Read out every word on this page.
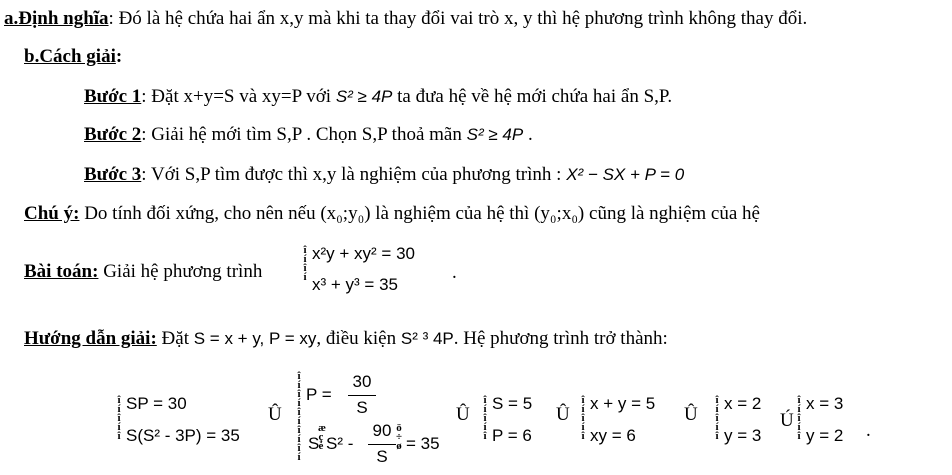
a.Định nghĩa: Đó là hệ chứa hai ẩn x,y mà khi ta thay đổi vai trò x, y thì hệ phương trình không thay đổi.
b.Cách giải:
Bước 1: Đặt x+y=S và xy=P với S² ≥ 4P ta đưa hệ về hệ mới chứa hai ẩn S,P.
Bước 2: Giải hệ mới tìm S,P . Chọn S,P thoả mãn S² ≥ 4P .
Bước 3: Với S,P tìm được thì x,y là nghiệm của phương trình : X² − SX + P = 0
Chú ý: Do tính đối xứng, cho nên nếu (x₀;y₀) là nghiệm của hệ thì (y₀;x₀) cũng là nghiệm của hệ
Bài toán: Giải hệ phương trình
î
í
î
í
x²y + xy² = 30
x³ + y³ = 35
.
Hướng dẫn giải: Đặt S = x + y, P = xy, điều kiện S² ³ 4P. Hệ phương trình trở thành:
î
í
î
í
î
SP = 30
S(S² - 3P) = 35
Û
î
í
î
í
î
í
î
í
î
í
P =
30
S
S
æ
ç
è S² -
90
S
ö
÷
ø = 35
Û
î
í
î
í
î
S = 5
P = 6
Û
î
í
î
í
î
x + y = 5
xy = 6
Û
î
í
î
í
î
x = 2
y = 3
Ú
î
í
î
í
î
x = 3
y = 2 .
